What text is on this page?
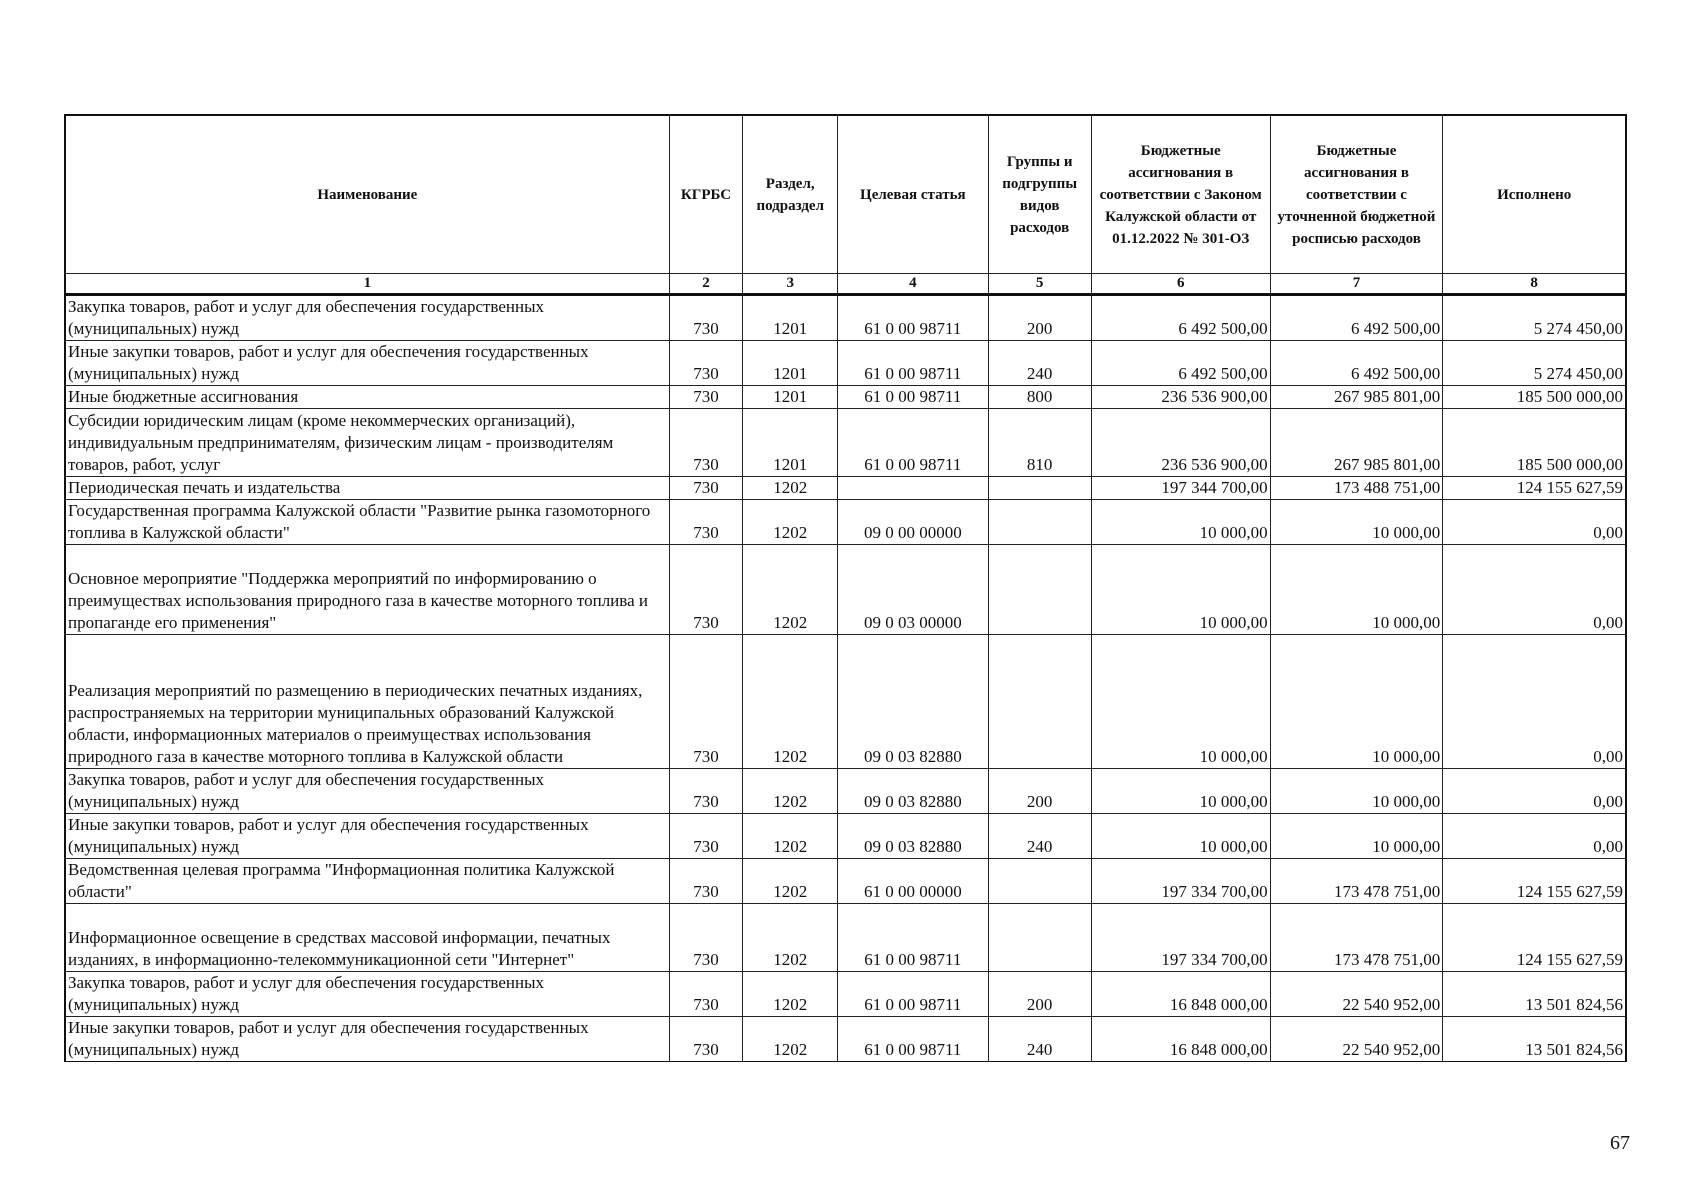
Наименование	КГРБС	Раздел, подраздел	Целевая статья	Группы и подгруппы видов расходов	Бюджетные ассигнования в соответствии с Законом Калужской области от 01.12.2022 № 301-ОЗ	Бюджетные ассигнования в соответствии с уточненной бюджетной росписью расходов	Исполнено
1	2	3	4	5	6	7	8
Закупка товаров, работ и услуг для обеспечения государственных (муниципальных) нужд	730	1201	61 0 00 98711	200	6 492 500,00	6 492 500,00	5 274 450,00
Иные закупки товаров, работ и услуг для обеспечения государственных (муниципальных) нужд	730	1201	61 0 00 98711	240	6 492 500,00	6 492 500,00	5 274 450,00
Иные бюджетные ассигнования	730	1201	61 0 00 98711	800	236 536 900,00	267 985 801,00	185 500 000,00
Субсидии юридическим лицам (кроме некоммерческих организаций), индивидуальным предпринимателям, физическим лицам - производителям товаров, работ, услуг	730	1201	61 0 00 98711	810	236 536 900,00	267 985 801,00	185 500 000,00
Периодическая печать и издательства	730	1202			197 344 700,00	173 488 751,00	124 155 627,59
Государственная программа Калужской области "Развитие рынка газомоторного топлива в Калужской области"	730	1202	09 0 00 00000		10 000,00	10 000,00	0,00
Основное мероприятие "Поддержка мероприятий по информированию о преимуществах использования природного газа в качестве моторного топлива и пропаганде его применения"	730	1202	09 0 03 00000		10 000,00	10 000,00	0,00
Реализация мероприятий по размещению в периодических печатных изданиях, распространяемых на территории муниципальных образований Калужской области, информационных материалов о преимуществах использования природного газа в качестве моторного топлива в Калужской области	730	1202	09 0 03 82880		10 000,00	10 000,00	0,00
Закупка товаров, работ и услуг для обеспечения государственных (муниципальных) нужд	730	1202	09 0 03 82880	200	10 000,00	10 000,00	0,00
Иные закупки товаров, работ и услуг для обеспечения государственных (муниципальных) нужд	730	1202	09 0 03 82880	240	10 000,00	10 000,00	0,00
Ведомственная целевая программа "Информационная политика Калужской области"	730	1202	61 0 00 00000		197 334 700,00	173 478 751,00	124 155 627,59
Информационное освещение в средствах массовой информации, печатных изданиях, в информационно-телекоммуникационной сети "Интернет"	730	1202	61 0 00 98711		197 334 700,00	173 478 751,00	124 155 627,59
Закупка товаров, работ и услуг для обеспечения государственных (муниципальных) нужд	730	1202	61 0 00 98711	200	16 848 000,00	22 540 952,00	13 501 824,56
Иные закупки товаров, работ и услуг для обеспечения государственных (муниципальных) нужд	730	1202	61 0 00 98711	240	16 848 000,00	22 540 952,00	13 501 824,56
67
